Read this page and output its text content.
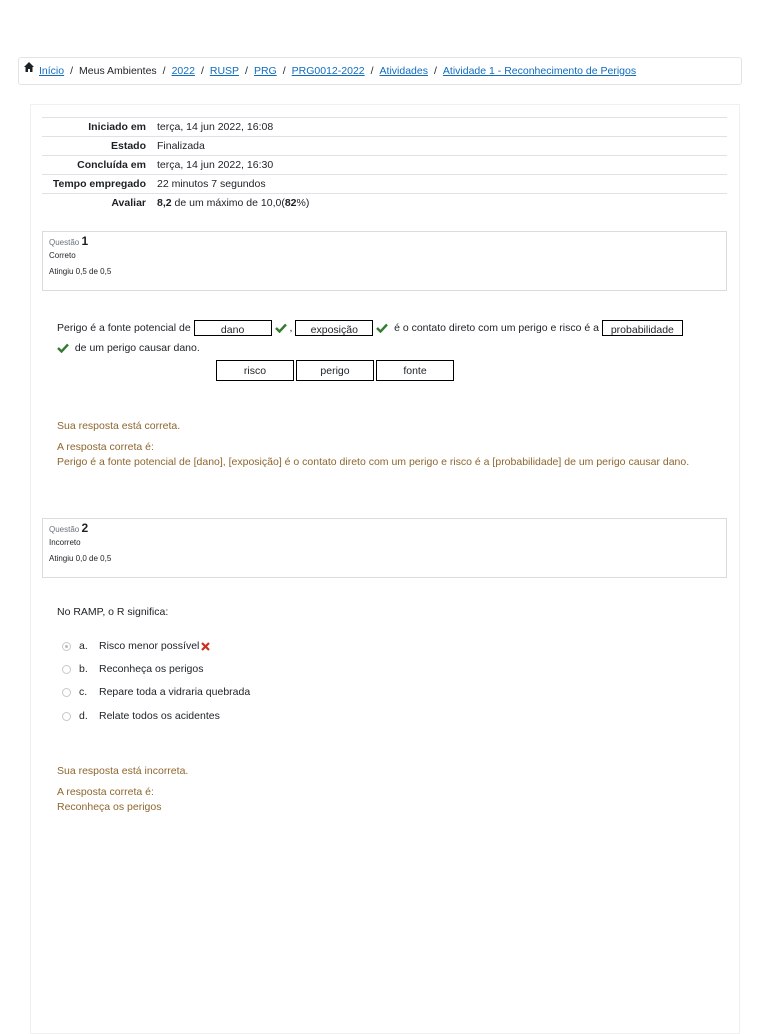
Início / Meus Ambientes / 2022 / RUSP / PRG / PRG0012-2022 / Atividades / Atividade 1 - Reconhecimento de Perigos
Iniciado em	terça, 14 jun 2022, 16:08
Estado	Finalizada
Concluída em	terça, 14 jun 2022, 16:30
Tempo empregado	22 minutos 7 segundos
Avaliar	8,2 de um máximo de 10,0(82%)
Questão 1
Correto
Atingiu 0,5 de 0,5
Perigo é a fonte potencial de	dano	, exposição	é o contato direto com um perigo e risco é a probabilidade
de um perigo causar dano.
risco	perigo	fonte
Sua resposta está correta.
A resposta correta é:
Perigo é a fonte potencial de [dano], [exposição] é o contato direto com um perigo e risco é a [probabilidade] de um perigo causar dano.
Questão 2
Incorreto
Atingiu 0,0 de 0,5
No RAMP, o R significa:
a.	Risco menor possível
b.	Reconheça os perigos
c.	Repare toda a vidraria quebrada
d.	Relate todos os acidentes
Sua resposta está incorreta.
A resposta correta é:
Reconheça os perigos
